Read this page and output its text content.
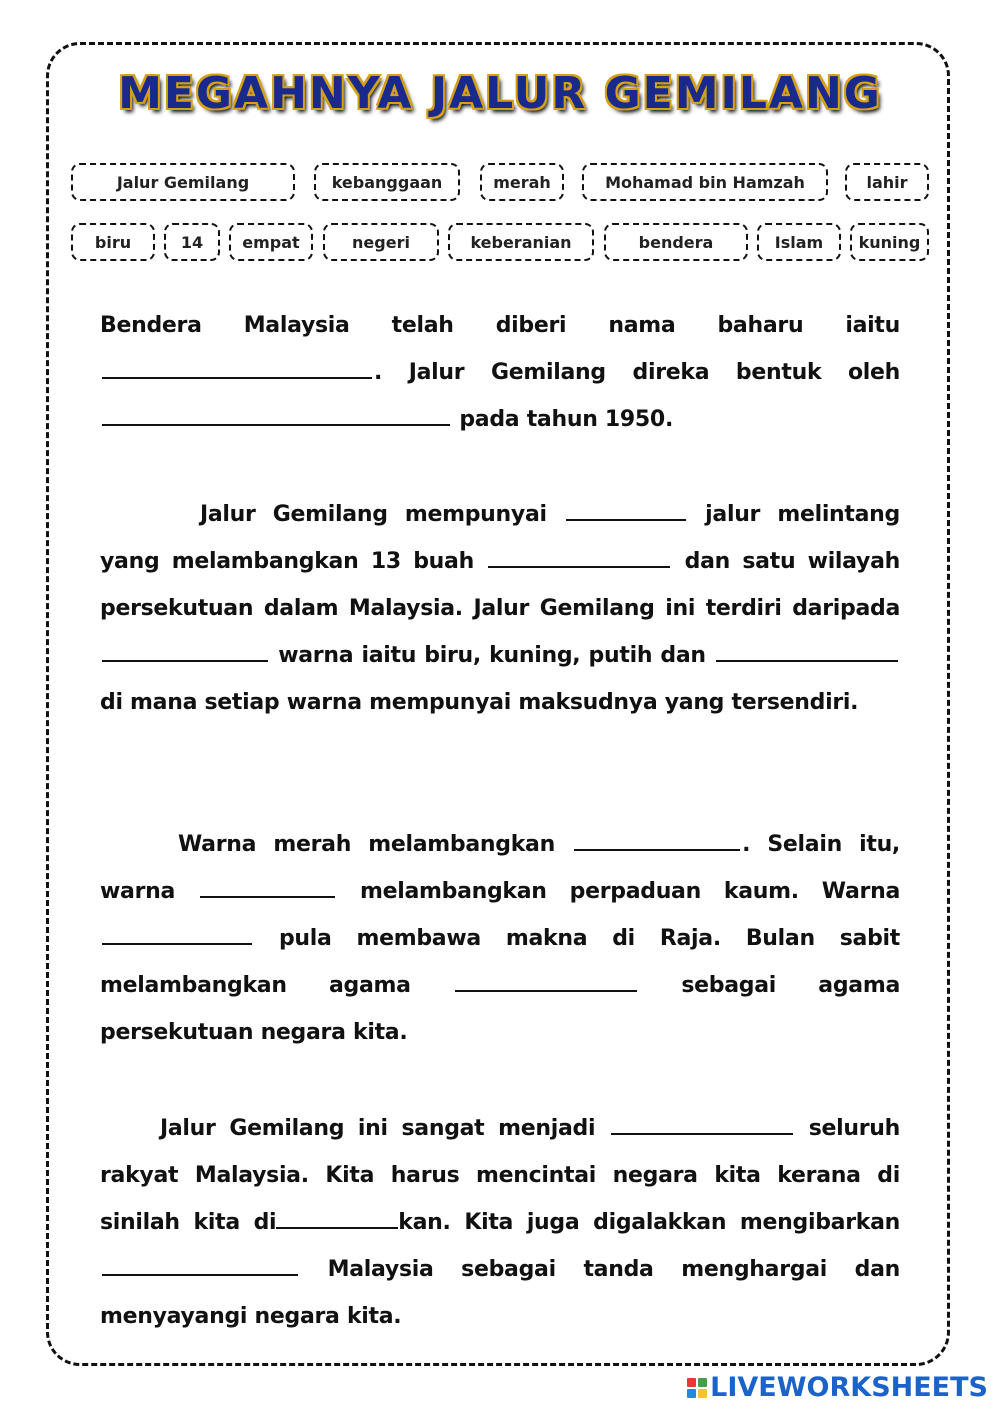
MEGAHNYA JALUR GEMILANG
Jalur Gemilang	kebanggaan	merah	Mohamad bin Hamzah	lahir
biru	14	empat	negeri	keberanian	bendera	Islam	kuning

Bendera Malaysia telah diberi nama baharu iaitu . Jalur Gemilang direka bentuk oleh  pada tahun 1950.

Jalur Gemilang mempunyai	jalur melintang yang melambangkan 13 buah	dan satu wilayah persekutuan dalam Malaysia. Jalur Gemilang ini terdiri daripada  warna iaitu biru, kuning, putih dan  di mana setiap warna mempunyai maksudnya yang tersendiri.

Warna merah melambangkan	. Selain itu, warna	melambangkan perpaduan kaum. Warna  pula membawa makna di Raja. Bulan sabit melambangkan agama	sebagai agama persekutuan negara kita.

Jalur Gemilang ini sangat menjadi	seluruh rakyat Malaysia. Kita harus mencintai negara kita kerana di sinilah kita di	kan. Kita juga digalakkan mengibarkan  Malaysia sebagai tanda menghargai dan menyayangi negara kita.

LIVEWORKSHEETS
